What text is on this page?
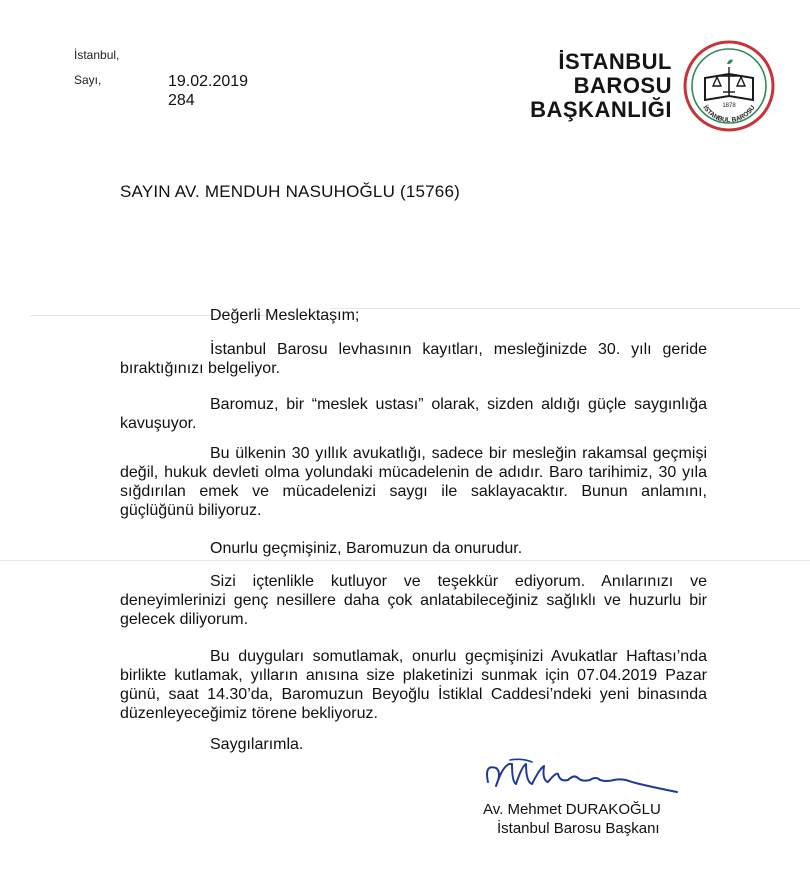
İstanbul,
Sayı,	19.02.2019
284
İSTANBUL
BAROSU
BAŞKANLIĞI	1878
İSTANBUL BAROSU
SAYIN AV. MENDUH NASUHOĞLU (15766)
Değerli Meslektaşım;

İstanbul Barosu levhasının kayıtları, mesleğinizde 30. yılı geride bıraktığınızı belgeliyor.

Baromuz, bir “meslek ustası” olarak, sizden aldığı güçle saygınlığa kavuşuyor.

Bu ülkenin 30 yıllık avukatlığı, sadece bir mesleğin rakamsal geçmişi değil, hukuk devleti olma yolundaki mücadelenin de adıdır. Baro tarihimiz, 30 yıla sığdırılan emek ve mücadelenizi saygı ile saklayacaktır. Bunun anlamını, güçlüğünü biliyoruz.

Onurlu geçmişiniz, Baromuzun da onurudur.

Sizi içtenlikle kutluyor ve teşekkür ediyorum. Anılarınızı ve deneyimlerinizi genç nesillere daha çok anlatabileceğiniz sağlıklı ve huzurlu bir gelecek diliyorum.

Bu duyguları somutlamak, onurlu geçmişinizi Avukatlar Haftası’nda birlikte kutlamak, yılların anısına size plaketinizi sunmak için 07.04.2019 Pazar günü, saat 14.30’da, Baromuzun Beyoğlu İstiklal Caddesi’ndeki yeni binasında düzenleyeceğimiz törene bekliyoruz.

Saygılarımla.
Av. Mehmet DURAKOĞLU
İstanbul Barosu Başkanı
